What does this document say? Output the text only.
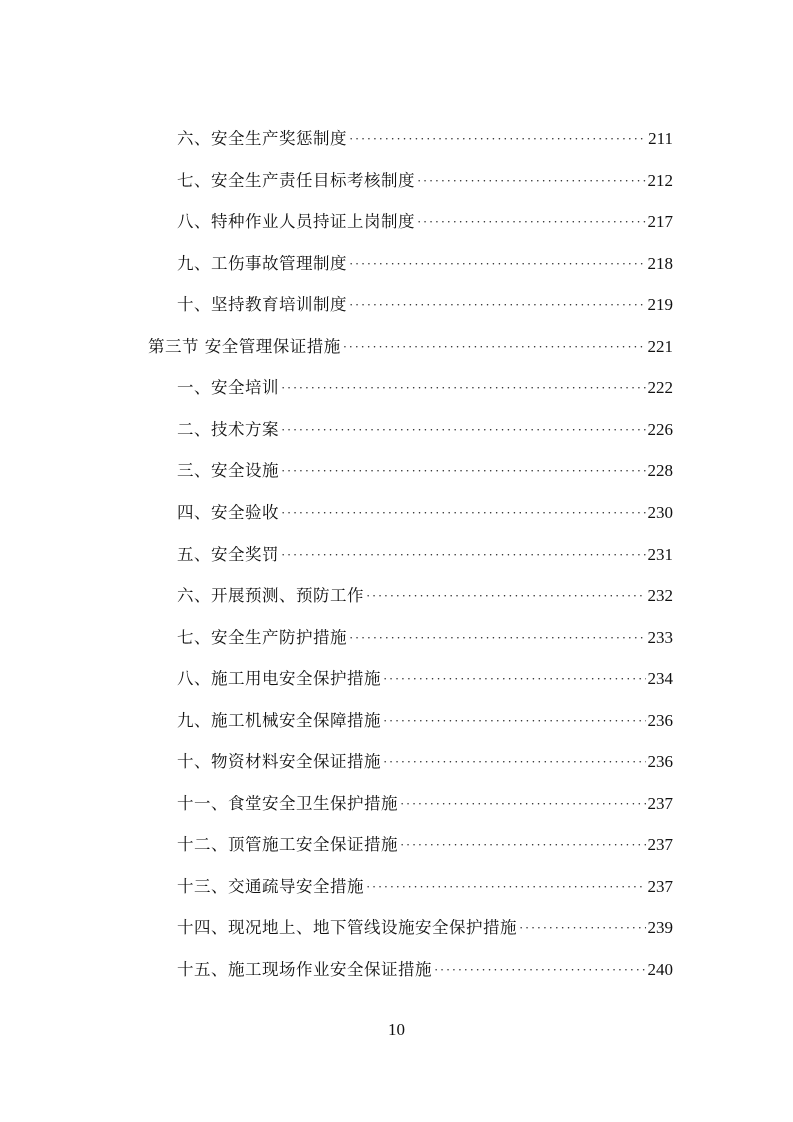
六、安全生产奖惩制度 ·····	211
七、安全生产责任目标考核制度 ·····	212
八、特种作业人员持证上岗制度 ·····	217
九、工伤事故管理制度 ·····	218
十、坚持教育培训制度 ·····	219
第三节 安全管理保证措施 ·····	221
一、安全培训 ·····	222
二、技术方案 ·····	226
三、安全设施 ·····	228
四、安全验收 ·····	230
五、安全奖罚 ·····	231
六、开展预测、预防工作 ·····	232
七、安全生产防护措施 ·····	233
八、施工用电安全保护措施 ·····	234
九、施工机械安全保障措施 ·····	236
十、物资材料安全保证措施 ·····	236
十一、食堂安全卫生保护措施 ·····	237
十二、顶管施工安全保证措施 ·····	237
十三、交通疏导安全措施 ·····	237
十四、现况地上、地下管线设施安全保护措施 ·····	239
十五、施工现场作业安全保证措施 ·····	240
10
